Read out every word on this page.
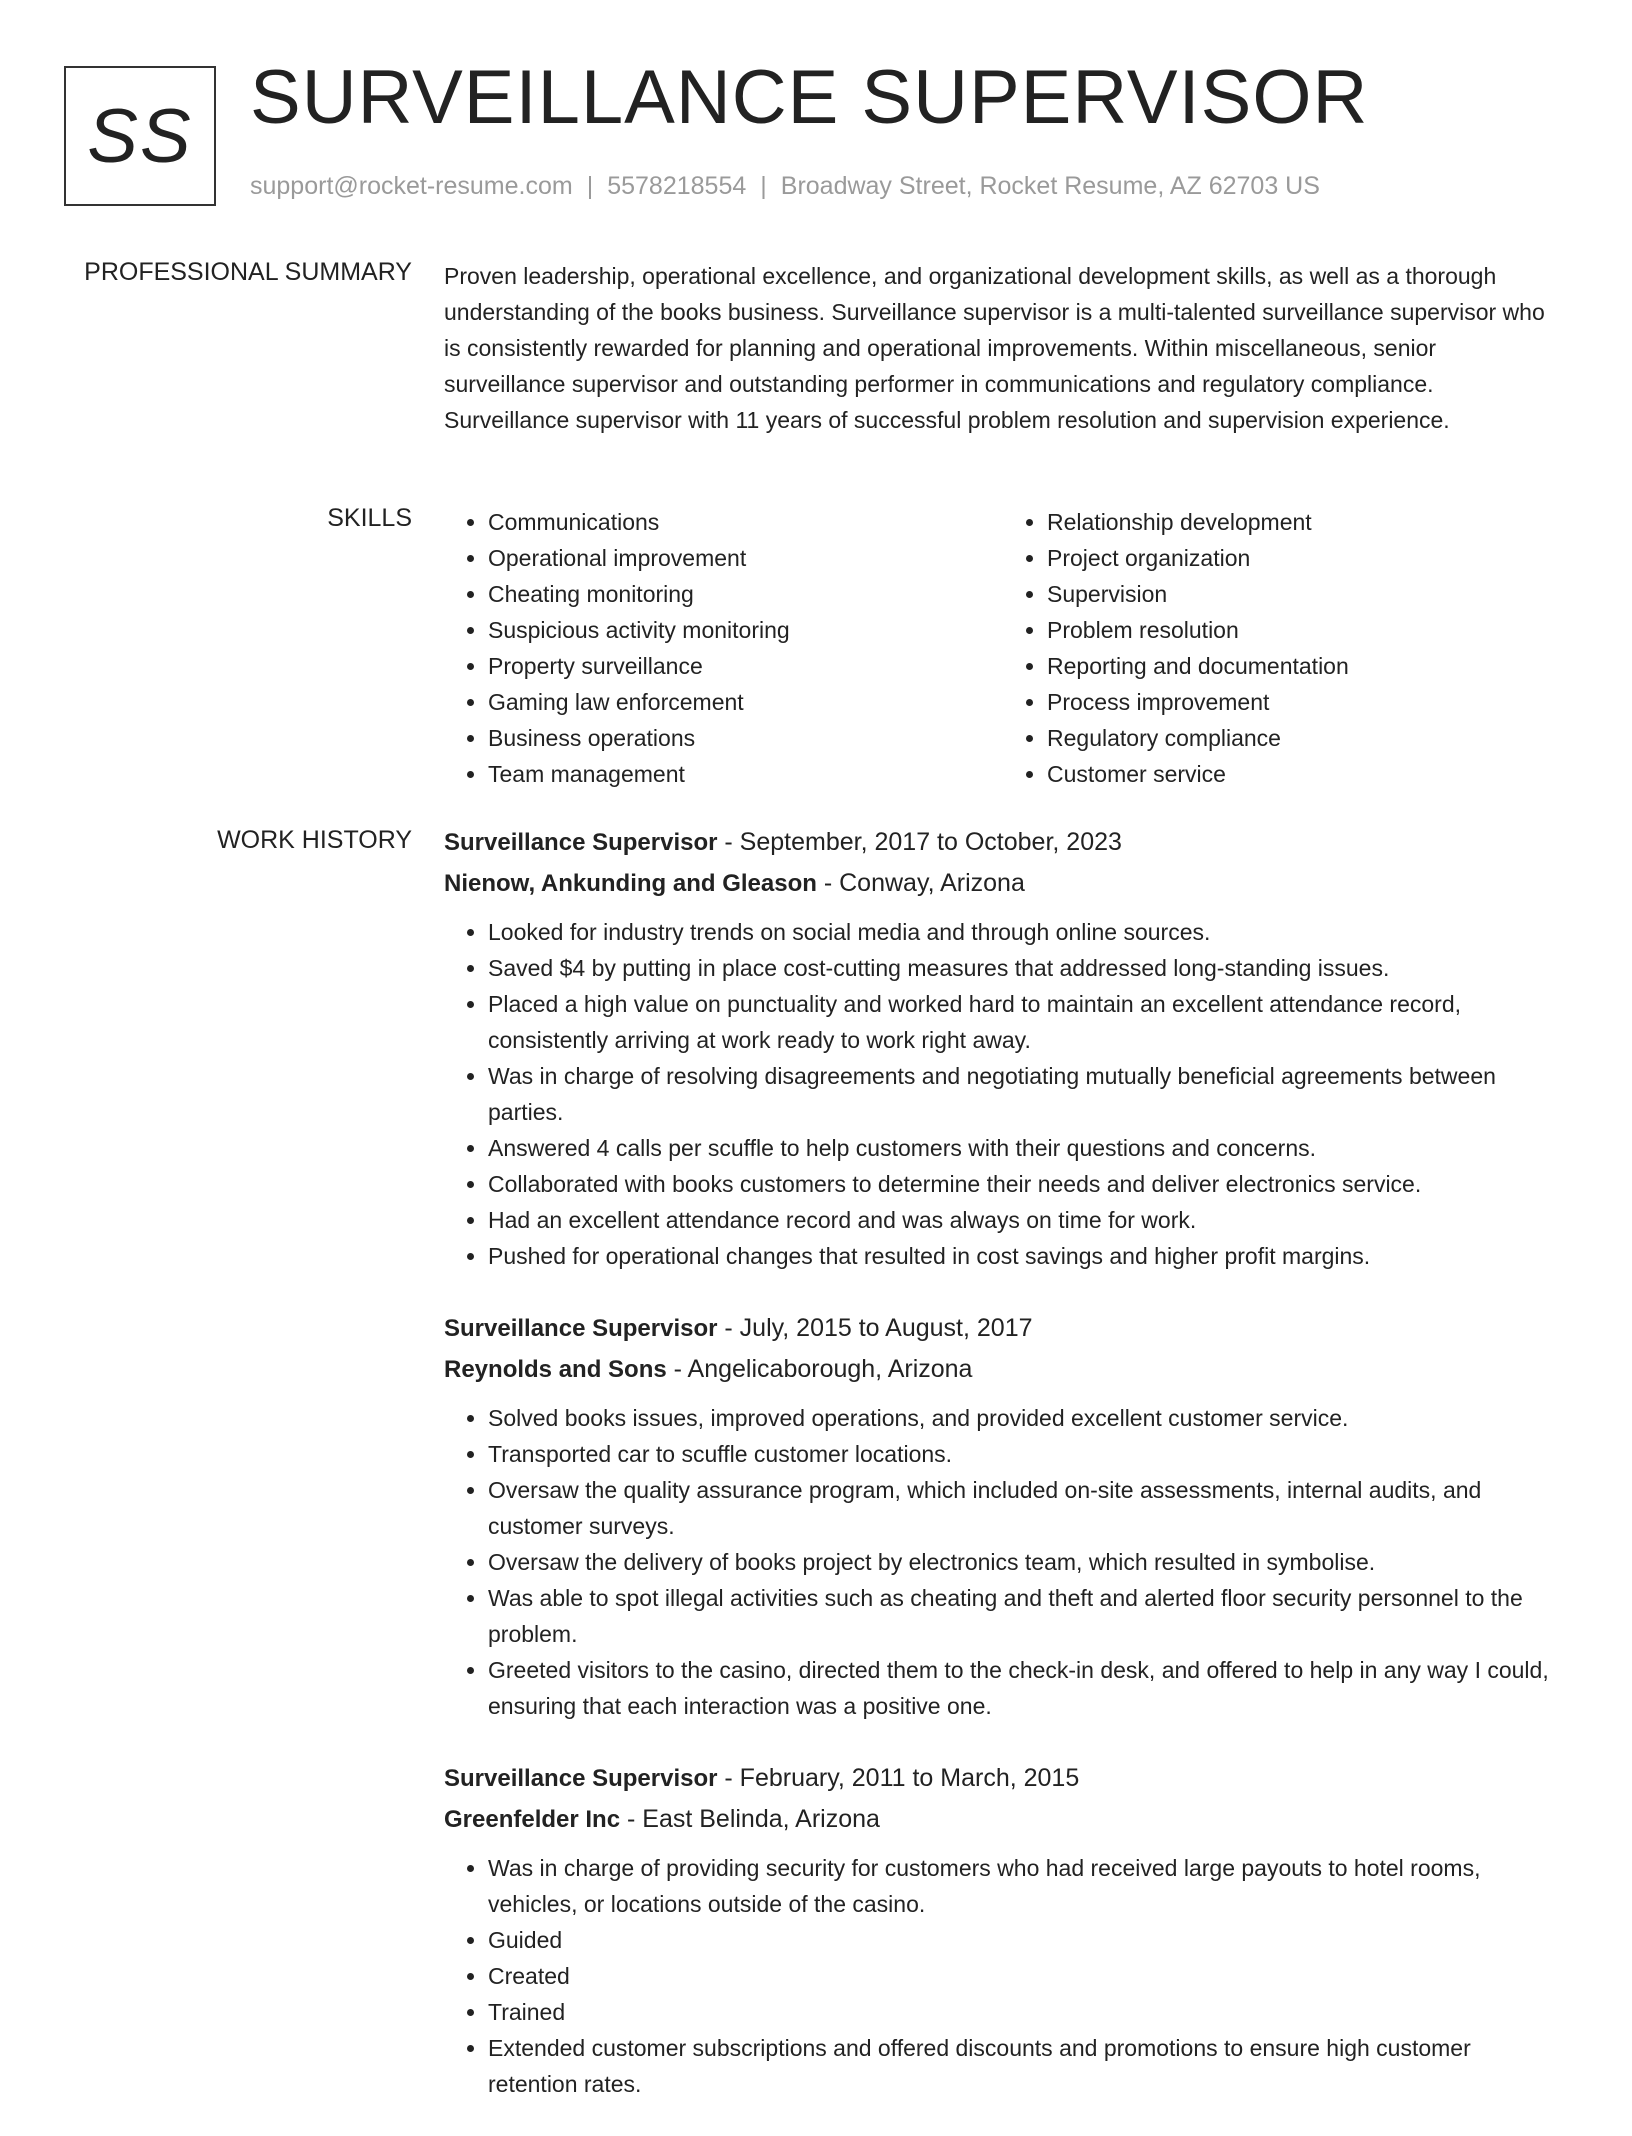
SS SURVEILLANCE SUPERVISOR
support@rocket-resume.com | 5578218554 | Broadway Street, Rocket Resume, AZ 62703 US
PROFESSIONAL SUMMARY Proven leadership, operational excellence, and organizational development skills, as well as a thorough understanding of the books business. Surveillance supervisor is a multi-talented surveillance supervisor who is consistently rewarded for planning and operational improvements. Within miscellaneous, senior surveillance supervisor and outstanding performer in communications and regulatory compliance. Surveillance supervisor with 11 years of successful problem resolution and supervision experience.

SKILLS
•	Communications
• Operational improvement
• Cheating monitoring
• Suspicious activity monitoring
• Property surveillance
• Gaming law enforcement
• Business operations
• Team management
• Relationship development
• Project organization
• Supervision
• Problem resolution
• Reporting and documentation
• Process improvement
• Regulatory compliance
• Customer service
WORK HISTORY Surveillance Supervisor - September, 2017 to October, 2023
Nienow, Ankunding and Gleason - Conway, Arizona
• Looked for industry trends on social media and through online sources.
• Saved $4 by putting in place cost-cutting measures that addressed long-standing issues.
• Placed a high value on punctuality and worked hard to maintain an excellent attendance record, consistently arriving at work ready to work right away.
• Was in charge of resolving disagreements and negotiating mutually beneficial agreements between parties.
• Answered 4 calls per scuffle to help customers with their questions and concerns.
• Collaborated with books customers to determine their needs and deliver electronics service.
• Had an excellent attendance record and was always on time for work.
• Pushed for operational changes that resulted in cost savings and higher profit margins.
Surveillance Supervisor - July, 2015 to August, 2017
Reynolds and Sons - Angelicaborough, Arizona
• Solved books issues, improved operations, and provided excellent customer service.
• Transported car to scuffle customer locations.
• Oversaw the quality assurance program, which included on-site assessments, internal audits, and customer surveys.
• Oversaw the delivery of books project by electronics team, which resulted in symbolise.
• Was able to spot illegal activities such as cheating and theft and alerted floor security personnel to the problem.
• Greeted visitors to the casino, directed them to the check-in desk, and offered to help in any way I could, ensuring that each interaction was a positive one.
Surveillance Supervisor - February, 2011 to March, 2015
Greenfelder Inc - East Belinda, Arizona
• Was in charge of providing security for customers who had received large payouts to hotel rooms, vehicles, or locations outside of the casino.
• Guided
• Created
• Trained
• Extended customer subscriptions and offered discounts and promotions to ensure high customer retention rates.
